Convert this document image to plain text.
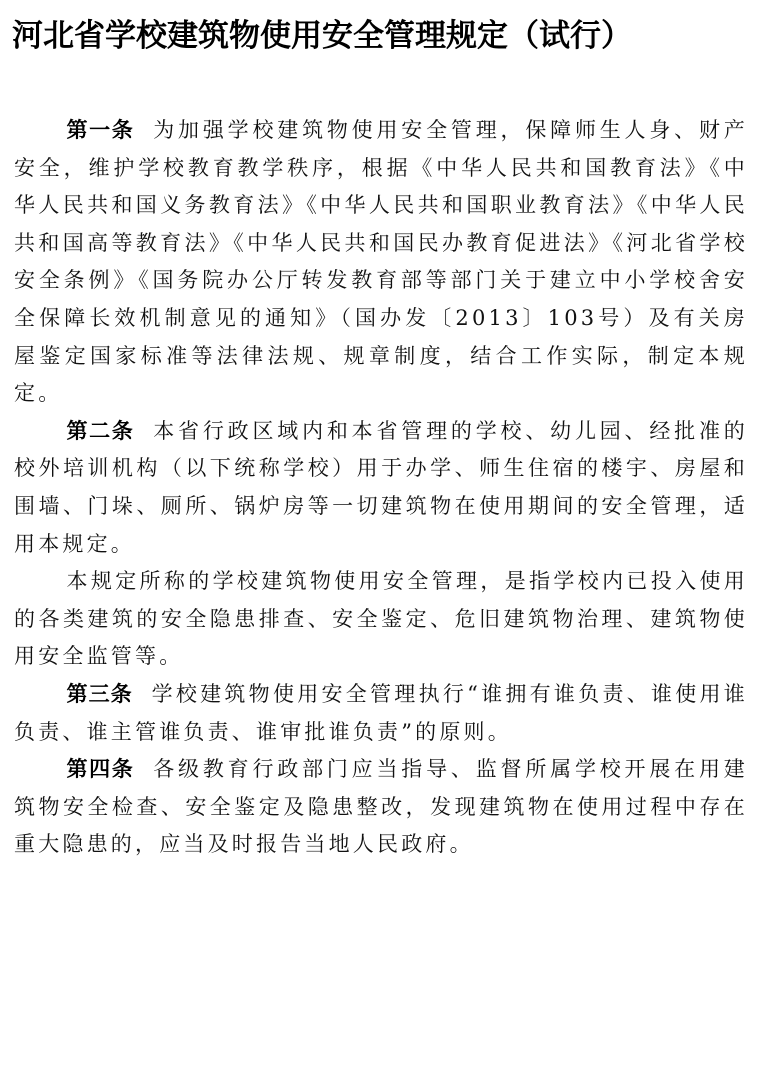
河北省学校建筑物使用安全管理规定（试行）

第一条 为加强学校建筑物使用安全管理，保障师生人身、财产安全，维护学校教育教学秩序，根据《中华人民共和国教育法》《中华人民共和国义务教育法》《中华人民共和国职业教育法》《中华人民共和国高等教育法》《中华人民共和国民办教育促进法》《河北省学校安全条例》《国务院办公厅转发教育部等部门关于建立中小学校舍安全保障长效机制意见的通知》（国办发〔2013〕103号）及有关房屋鉴定国家标准等法律法规、规章制度，结合工作实际，制定本规定。

第二条 本省行政区域内和本省管理的学校、幼儿园、经批准的校外培训机构（以下统称学校）用于办学、师生住宿的楼宇、房屋和围墙、门垛、厕所、锅炉房等一切建筑物在使用期间的安全管理，适用本规定。

本规定所称的学校建筑物使用安全管理，是指学校内已投入使用的各类建筑的安全隐患排查、安全鉴定、危旧建筑物治理、建筑物使用安全监管等。

第三条 学校建筑物使用安全管理执行“谁拥有谁负责、谁使用谁负责、谁主管谁负责、谁审批谁负责”的原则。

第四条 各级教育行政部门应当指导、监督所属学校开展在用建筑物安全检查、安全鉴定及隐患整改，发现建筑物在使用过程中存在重大隐患的，应当及时报告当地人民政府。
